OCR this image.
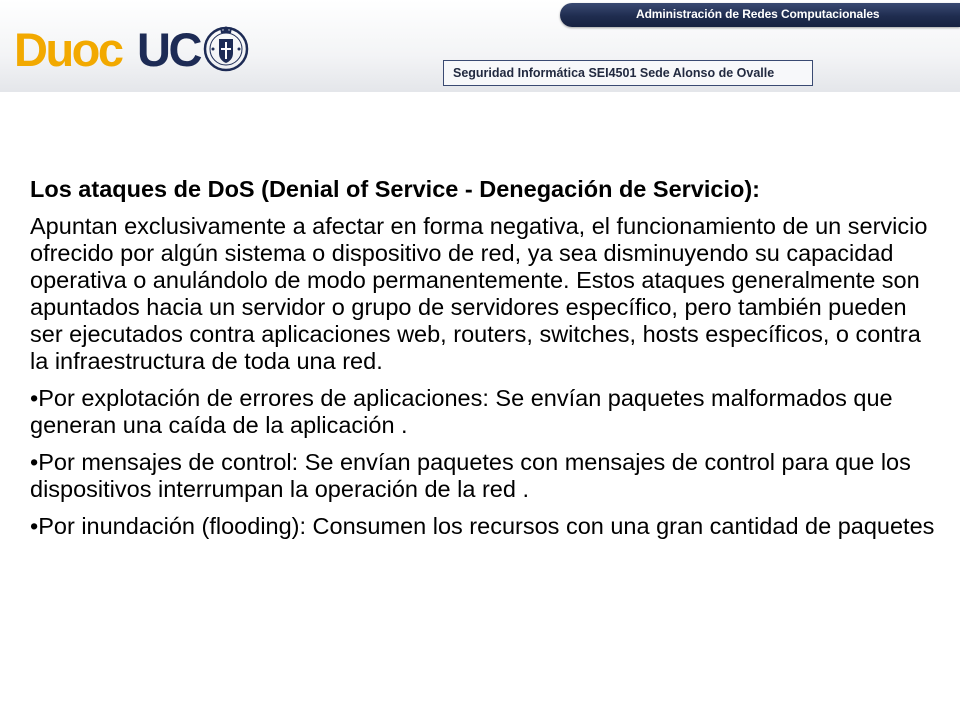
Administración de Redes Computacionales
Duoc UC	Seguridad Informática SEI4501 Sede Alonso de Ovalle

Los ataques de DoS (Denial of Service - Denegación de Servicio):

Apuntan exclusivamente a afectar en forma negativa, el funcionamiento de un servicio ofrecido por algún sistema o dispositivo de red, ya sea disminuyendo su capacidad operativa o anulándolo de modo permanentemente. Estos ataques generalmente son apuntados hacia un servidor o grupo de servidores específico, pero también pueden ser ejecutados contra aplicaciones web, routers, switches, hosts específicos, o contra la infraestructura de toda una red.

•Por explotación de errores de aplicaciones: Se envían paquetes malformados que generan una caída de la aplicación .

•Por mensajes de control: Se envían paquetes con mensajes de control para que los dispositivos interrumpan la operación de la red .

•Por inundación (flooding): Consumen los recursos con una gran cantidad de paquetes
